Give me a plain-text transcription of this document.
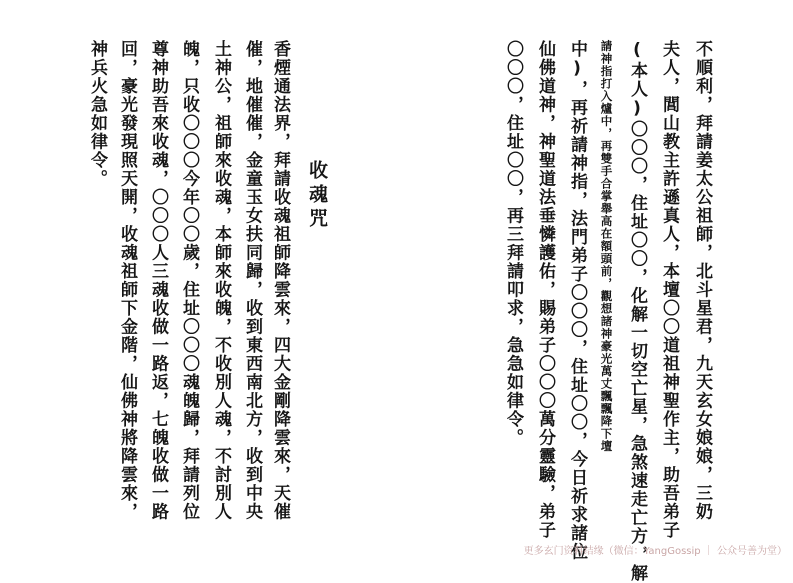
不順利，拜請姜太公祖師，北斗星君，九天玄女娘娘，三奶
夫人，閭山教主許遜真人，本壇〇〇道祖神聖作主，助吾弟子
(本人)〇〇〇，住址〇〇，化解一切空亡星，急煞速走亡方，解
請神指打入爐中，再雙手合掌舉高在額頭前，觀想諸神豪光萬丈飄飄降下壇
中)，再祈請神指，法門弟子〇〇〇，住址〇〇，今日祈求諸位
仙佛道神，神聖道法垂憐護佑，賜弟子〇〇〇萬分靈驗，弟子
〇〇〇，住址〇〇，再三拜請叩求，急急如律令。
收魂咒
香煙通法界，拜請收魂祖師降雲來，四大金剛降雲來，天催
催，地催催，金童玉女扶同歸，收到東西南北方，收到中央
土神公，祖師來收魂，本師來收魄，不收別人魂，不討別人
魄，只收〇〇〇今年〇〇歲，住址〇〇〇魂魄歸，拜請列位
尊神助吾來收魂，〇〇〇人三魂收做一路返，七魄收做一路
回，豪光發現照天開，收魂祖師下金階，仙佛神將降雲來，
神兵火急如律令。
更多玄门资料结缘（微信：YangGossip ｜ 公众号善为堂）
